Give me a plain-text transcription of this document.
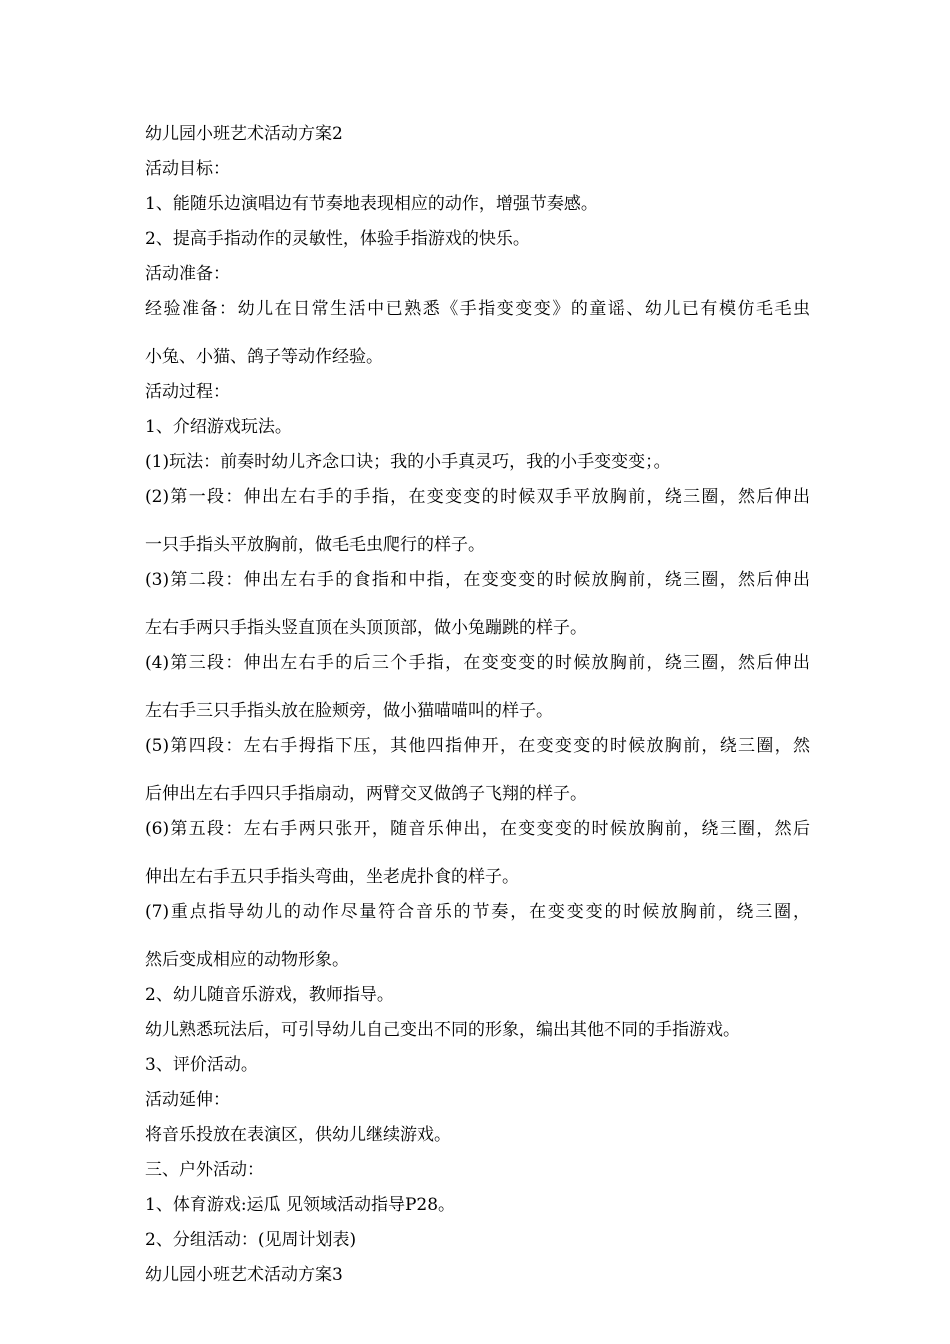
幼儿园小班艺术活动方案2

活动目标：

1、能随乐边演唱边有节奏地表现相应的动作，增强节奏感。

2、提高手指动作的灵敏性，体验手指游戏的快乐。

活动准备：

经验准备：幼儿在日常生活中已熟悉《手指变变变》的童谣、幼儿已有模仿毛毛虫

小兔、小猫、鸽子等动作经验。

活动过程：

1、介绍游戏玩法。

(1)玩法：前奏时幼儿齐念口诀；我的小手真灵巧，我的小手变变变；。

(2)第一段：伸出左右手的手指，在变变变的时候双手平放胸前，绕三圈，然后伸出

一只手指头平放胸前，做毛毛虫爬行的样子。

(3)第二段：伸出左右手的食指和中指，在变变变的时候放胸前，绕三圈，然后伸出

左右手两只手指头竖直顶在头顶顶部，做小兔蹦跳的样子。

(4)第三段：伸出左右手的后三个手指，在变变变的时候放胸前，绕三圈，然后伸出

左右手三只手指头放在脸颊旁，做小猫喵喵叫的样子。

(5)第四段：左右手拇指下压，其他四指伸开，在变变变的时候放胸前，绕三圈，然

后伸出左右手四只手指扇动，两臂交叉做鸽子飞翔的样子。

(6)第五段：左右手两只张开，随音乐伸出，在变变变的时候放胸前，绕三圈，然后

伸出左右手五只手指头弯曲，坐老虎扑食的样子。

(7)重点指导幼儿的动作尽量符合音乐的节奏，在变变变的时候放胸前，绕三圈，

然后变成相应的动物形象。

2、幼儿随音乐游戏，教师指导。

幼儿熟悉玩法后，可引导幼儿自己变出不同的形象，编出其他不同的手指游戏。

3、评价活动。

活动延伸：

将音乐投放在表演区，供幼儿继续游戏。

三、户外活动：

1、体育游戏:运瓜 见领域活动指导P28。

2、分组活动：(见周计划表)

幼儿园小班艺术活动方案3
